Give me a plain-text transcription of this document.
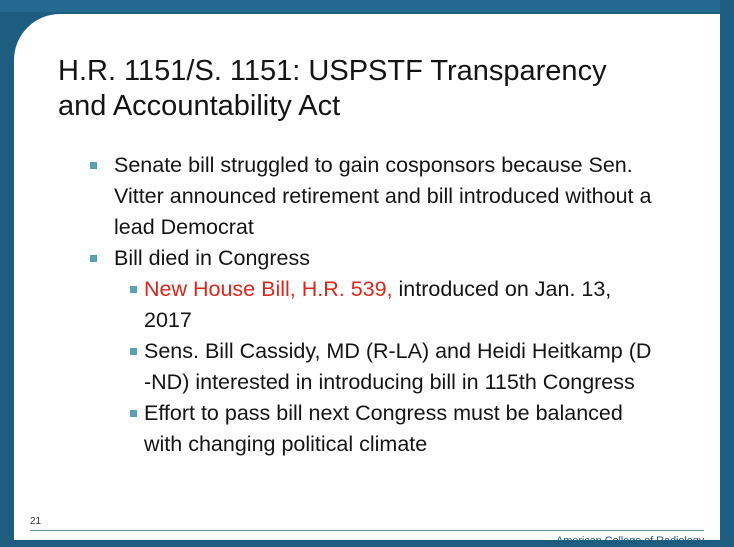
H.R. 1151/S. 1151: USPSTF Transparency
and Accountability Act
Senate bill struggled to gain cosponsors because Sen.
Vitter announced retirement and bill introduced without a
lead Democrat
Bill died in Congress
New House Bill, H.R. 539, introduced on Jan. 13,
2017
Sens. Bill Cassidy, MD (R-LA) and Heidi Heitkamp (D
-ND) interested in introducing bill in 115th Congress
Effort to pass bill next Congress must be balanced
with changing political climate
21
American College of Radiology
